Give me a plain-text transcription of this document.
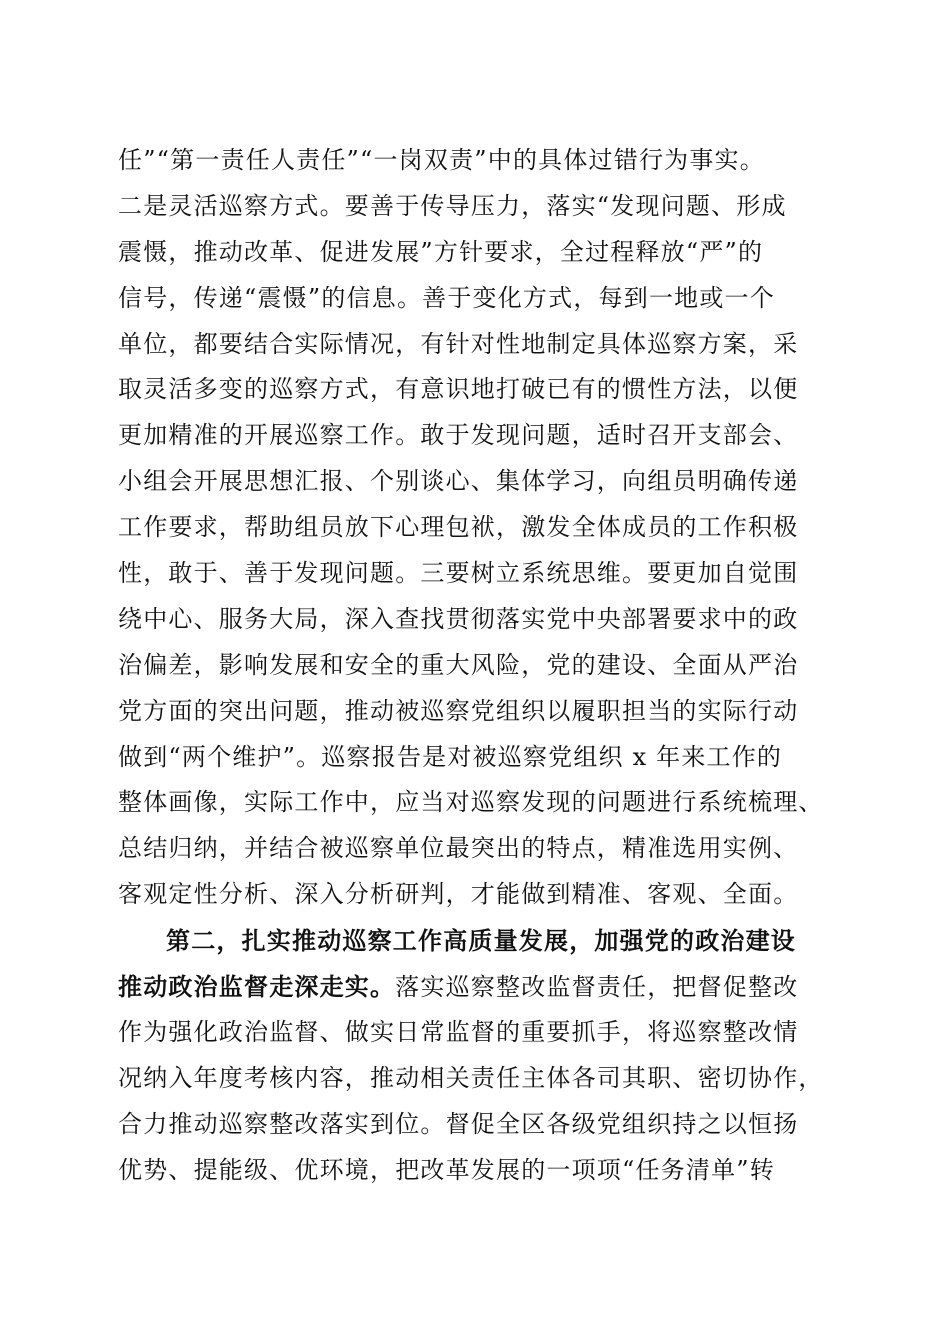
任”“第一责任人责任”“一岗双责”中的具体过错行为事实。
二是灵活巡察方式。要善于传导压力，落实“发现问题、形成
震慑，推动改革、促进发展”方针要求，全过程释放“严”的
信号，传递“震慑”的信息。善于变化方式，每到一地或一个
单位，都要结合实际情况，有针对性地制定具体巡察方案，采
取灵活多变的巡察方式，有意识地打破已有的惯性方法，以便
更加精准的开展巡察工作。敢于发现问题，适时召开支部会、
小组会开展思想汇报、个别谈心、集体学习，向组员明确传递
工作要求，帮助组员放下心理包袱，激发全体成员的工作积极
性，敢于、善于发现问题。三要树立系统思维。要更加自觉围
绕中心、服务大局，深入查找贯彻落实党中央部署要求中的政
治偏差，影响发展和安全的重大风险，党的建设、全面从严治
党方面的突出问题，推动被巡察党组织以履职担当的实际行动
做到“两个维护”。巡察报告是对被巡察党组织 x 年来工作的
整体画像，实际工作中，应当对巡察发现的问题进行系统梳理、
总结归纳，并结合被巡察单位最突出的特点，精准选用实例、
客观定性分析、深入分析研判，才能做到精准、客观、全面。
第二，扎实推动巡察工作高质量发展，加强党的政治建设
推动政治监督走深走实。落实巡察整改监督责任，把督促整改
作为强化政治监督、做实日常监督的重要抓手，将巡察整改情
况纳入年度考核内容，推动相关责任主体各司其职、密切协作，
合力推动巡察整改落实到位。督促全区各级党组织持之以恒扬
优势、提能级、优环境，把改革发展的一项项“任务清单”转
